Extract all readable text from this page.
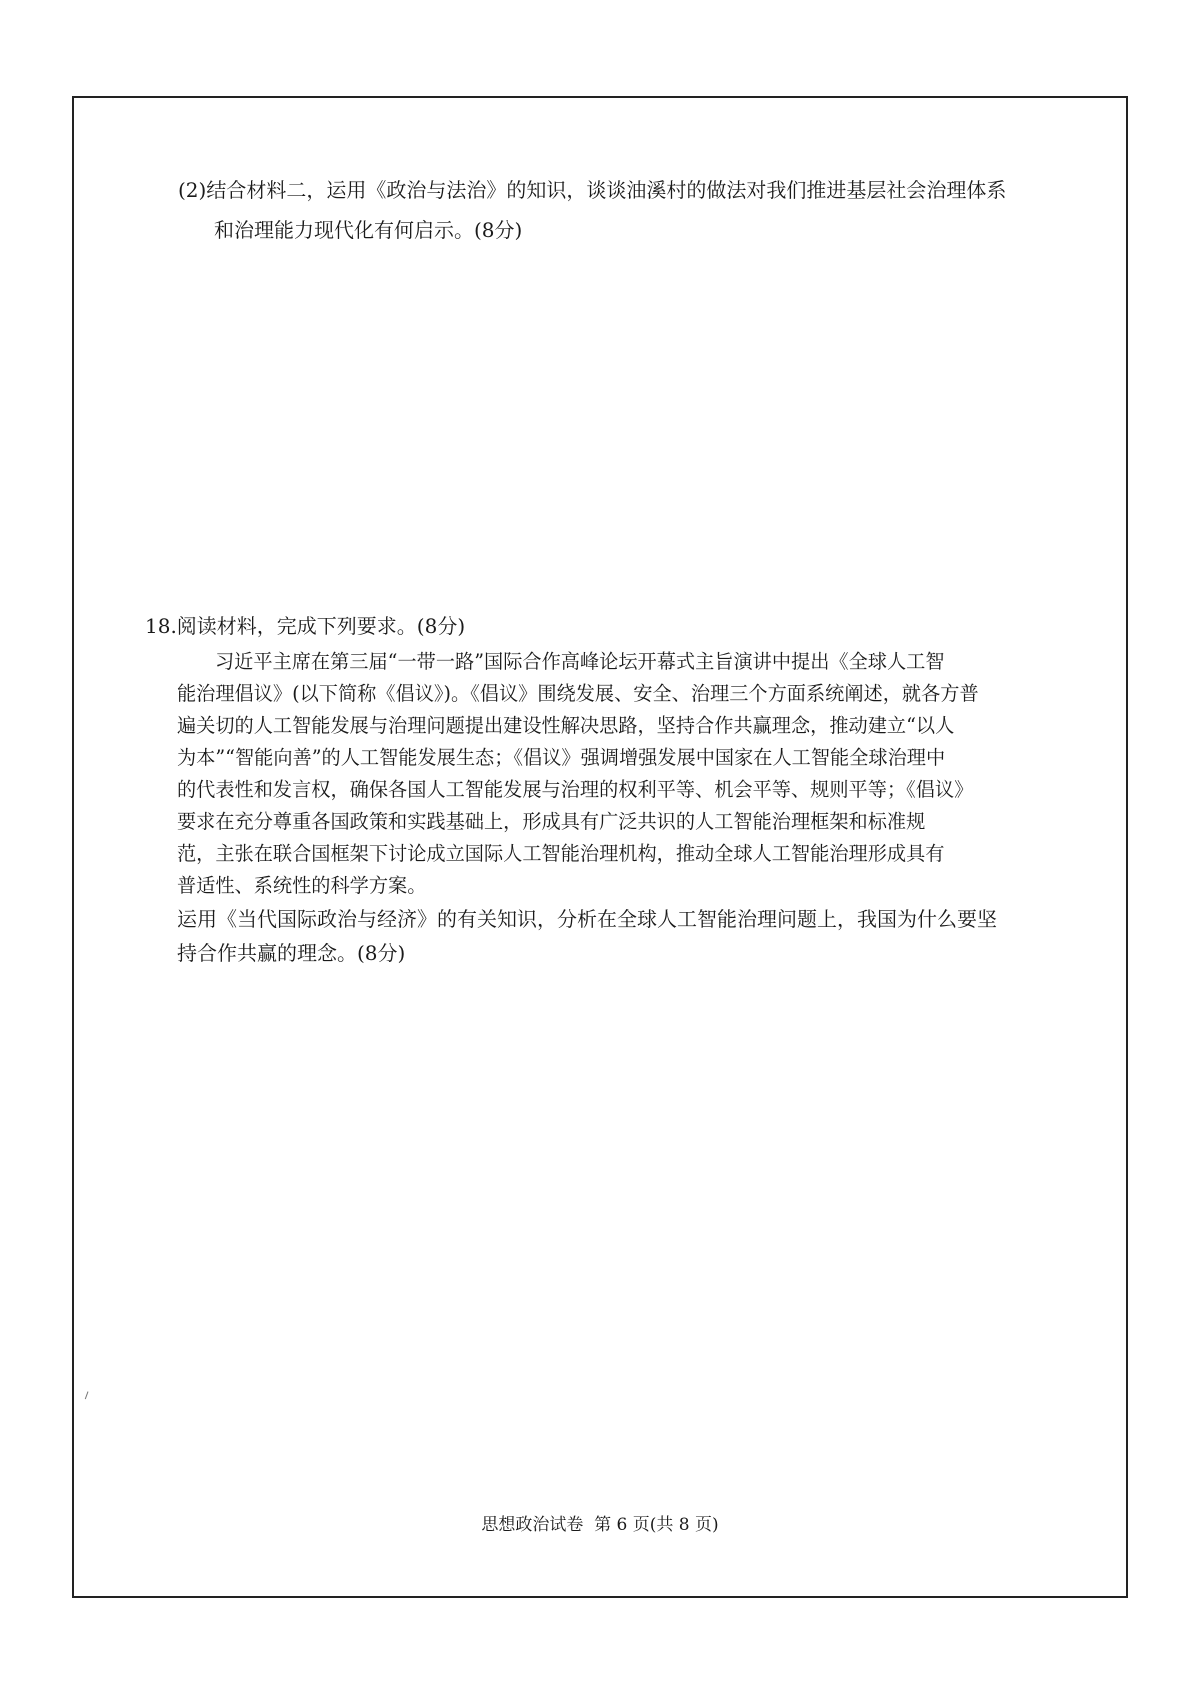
(2)结合材料二，运用《政治与法治》的知识，谈谈油溪村的做法对我们推进基层社会治理体系
和治理能力现代化有何启示。(8分)
18.阅读材料，完成下列要求。(8分)
习近平主席在第三届“一带一路”国际合作高峰论坛开幕式主旨演讲中提出《全球人工智
能治理倡议》(以下简称《倡议》)。《倡议》围绕发展、安全、治理三个方面系统阐述，就各方普
遍关切的人工智能发展与治理问题提出建设性解决思路，坚持合作共赢理念，推动建立“以人
为本”“智能向善”的人工智能发展生态；《倡议》强调增强发展中国家在人工智能全球治理中
的代表性和发言权，确保各国人工智能发展与治理的权利平等、机会平等、规则平等；《倡议》
要求在充分尊重各国政策和实践基础上，形成具有广泛共识的人工智能治理框架和标准规
范，主张在联合国框架下讨论成立国际人工智能治理机构，推动全球人工智能治理形成具有
普适性、系统性的科学方案。
运用《当代国际政治与经济》的有关知识，分析在全球人工智能治理问题上，我国为什么要坚
持合作共赢的理念。(8分)
思想政治试卷  第 6 页(共 8 页)
